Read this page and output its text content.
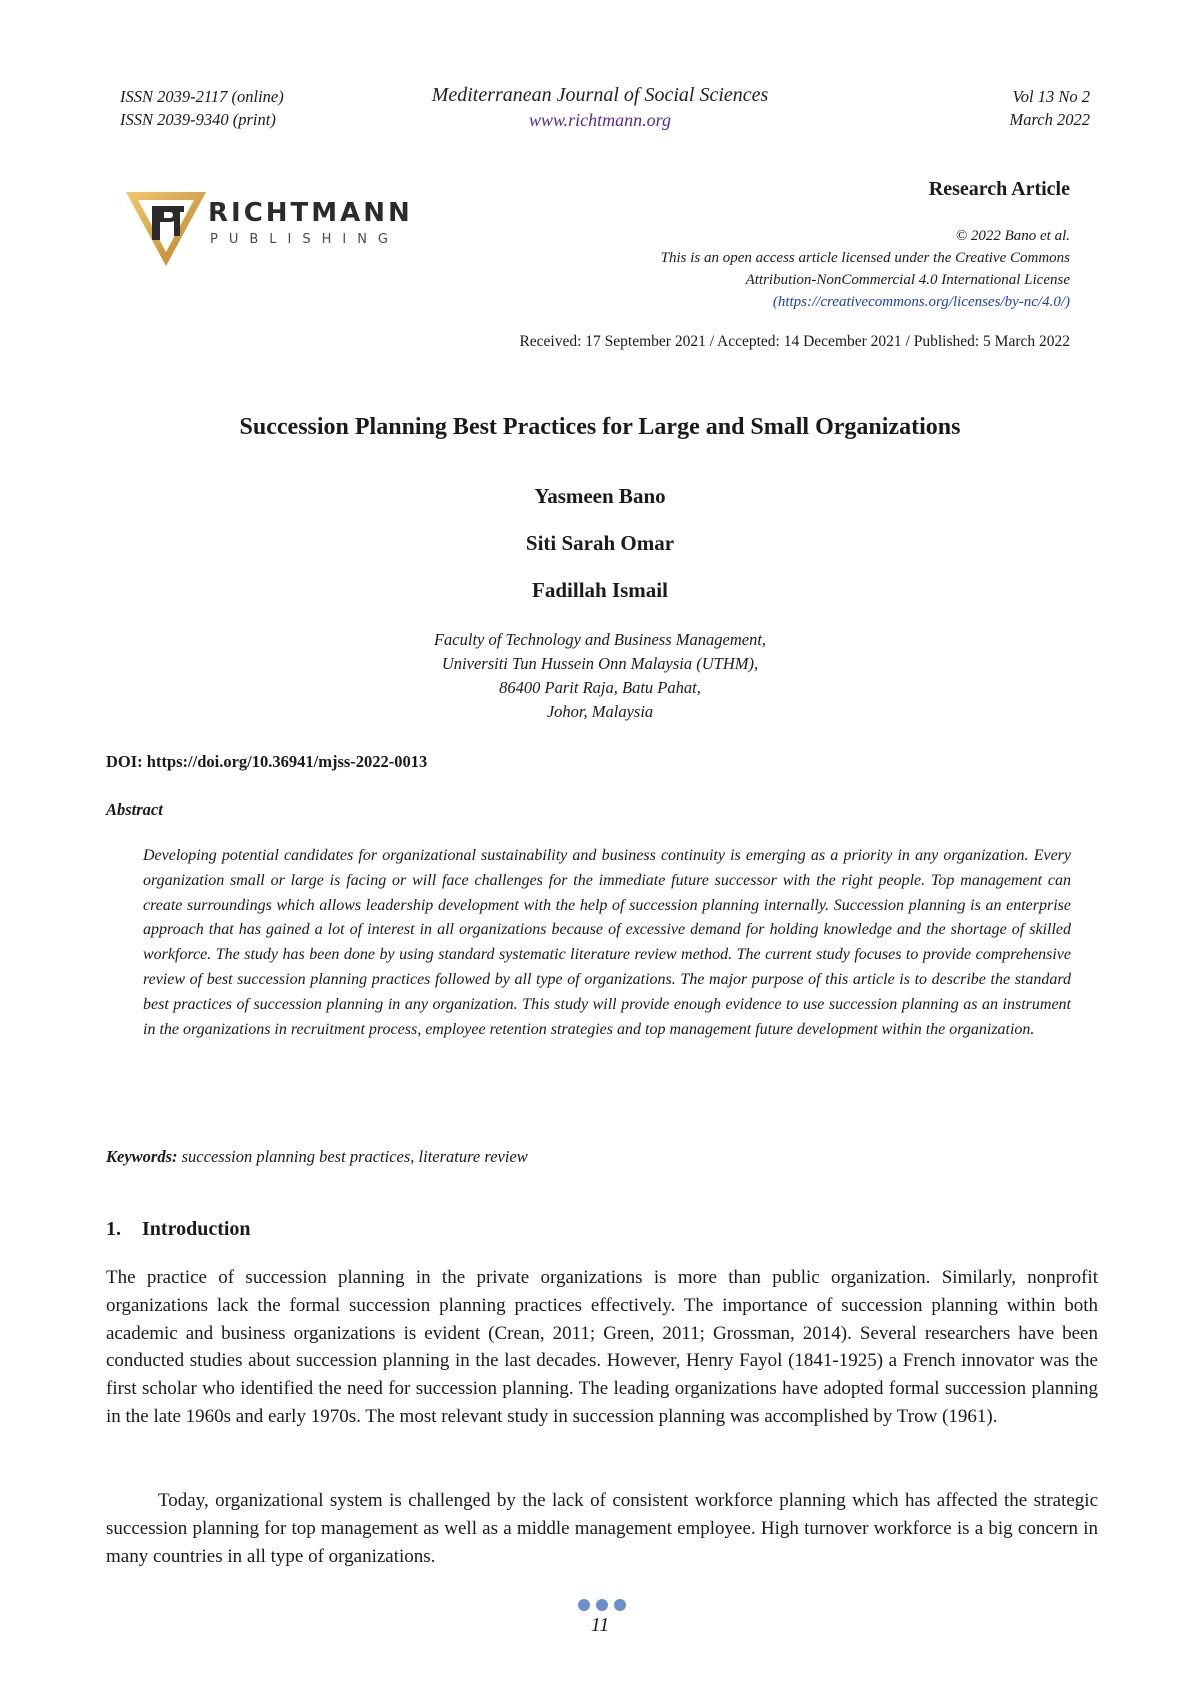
ISSN 2039-2117 (online)
ISSN 2039-9340 (print)
Mediterranean Journal of Social Sciences
www.richtmann.org
Vol 13 No 2
March 2022
RICHTMANN
PUBLISHING
Research Article
© 2022 Bano et al.
This is an open access article licensed under the Creative Commons
Attribution-NonCommercial 4.0 International License
(https://creativecommons.org/licenses/by-nc/4.0/)
Received: 17 September 2021 / Accepted: 14 December 2021 / Published: 5 March 2022
Succession Planning Best Practices for Large and Small Organizations
Yasmeen Bano
Siti Sarah Omar
Fadillah Ismail
Faculty of Technology and Business Management,
Universiti Tun Hussein Onn Malaysia (UTHM),
86400 Parit Raja, Batu Pahat,
Johor, Malaysia
DOI: https://doi.org/10.36941/mjss-2022-0013
Abstract
Developing potential candidates for organizational sustainability and business continuity is emerging as a priority in any organization. Every organization small or large is facing or will face challenges for the immediate future successor with the right people. Top management can create surroundings which allows leadership development with the help of succession planning internally. Succession planning is an enterprise approach that has gained a lot of interest in all organizations because of excessive demand for holding knowledge and the shortage of skilled workforce. The study has been done by using standard systematic literature review method. The current study focuses to provide comprehensive review of best succession planning practices followed by all type of organizations. The major purpose of this article is to describe the standard best practices of succession planning in any organization. This study will provide enough evidence to use succession planning as an instrument in the organizations in recruitment process, employee retention strategies and top management future development within the organization.
Keywords: succession planning best practices, literature review
1. Introduction
The practice of succession planning in the private organizations is more than public organization. Similarly, nonprofit organizations lack the formal succession planning practices effectively. The importance of succession planning within both academic and business organizations is evident (Crean, 2011; Green, 2011; Grossman, 2014). Several researchers have been conducted studies about succession planning in the last decades. However, Henry Fayol (1841-1925) a French innovator was the first scholar who identified the need for succession planning. The leading organizations have adopted formal succession planning in the late 1960s and early 1970s. The most relevant study in succession planning was accomplished by Trow (1961).
Today, organizational system is challenged by the lack of consistent workforce planning which has affected the strategic succession planning for top management as well as a middle management employee. High turnover workforce is a big concern in many countries in all type of organizations.
11
